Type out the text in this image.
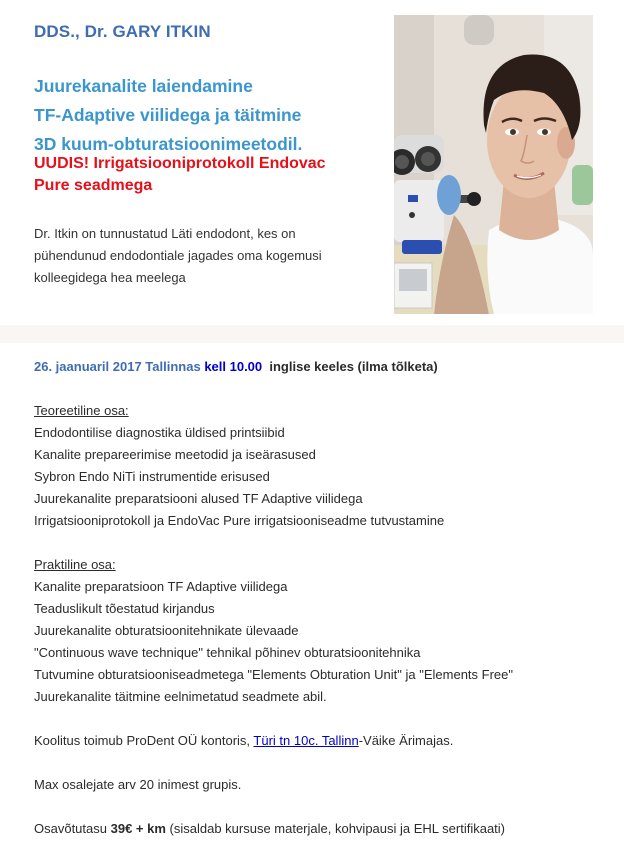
DDS., Dr. GARY ITKIN
Juurekanalite laiendamine
TF-Adaptive viilidega ja täitmine
3D kuum-obturatsioonimeetodil.
UUDIS! Irrigatsiooniprotokoll Endovac
Pure seadmega

Dr. Itkin on tunnustatud Läti endodont, kes on
pühendunud endodontiale jagades oma kogemusi
kolleegidega hea meelega

26. jaanuaril 2017 Tallinnas kell 10.00 inglise keeles (ilma tõlketa)

Teoreetiline osa:

Endodontilise diagnostika üldised printsiibid

Kanalite prepareerimise meetodid ja iseärasused

Sybron Endo NiTi instrumentide erisused

Juurekanalite preparatsiooni alused TF Adaptive viilidega

Irrigatsiooniprotokoll ja EndoVac Pure irrigatsiooniseadme tutvustamine

Praktiline osa:

Kanalite preparatsioon TF Adaptive viilidega

Teaduslikult tõestatud kirjandus

Juurekanalite obturatsioonitehnikate ülevaade

"Continuous wave technique" tehnikal põhinev obturatsioonitehnika

Tutvumine obturatsiooniseadmetega "Elements Obturation Unit" ja "Elements Free"

Juurekanalite täitmine eelnimetatud seadmete abil.

Koolitus toimub ProDent OÜ kontoris, Türi tn 10c. Tallinn-Väike Ärimajas.

Max osalejate arv 20 inimest grupis.

Osavõtutasu 39€ + km (sisaldab kursuse materjale, kohvipausi ja EHL sertifikaati)
